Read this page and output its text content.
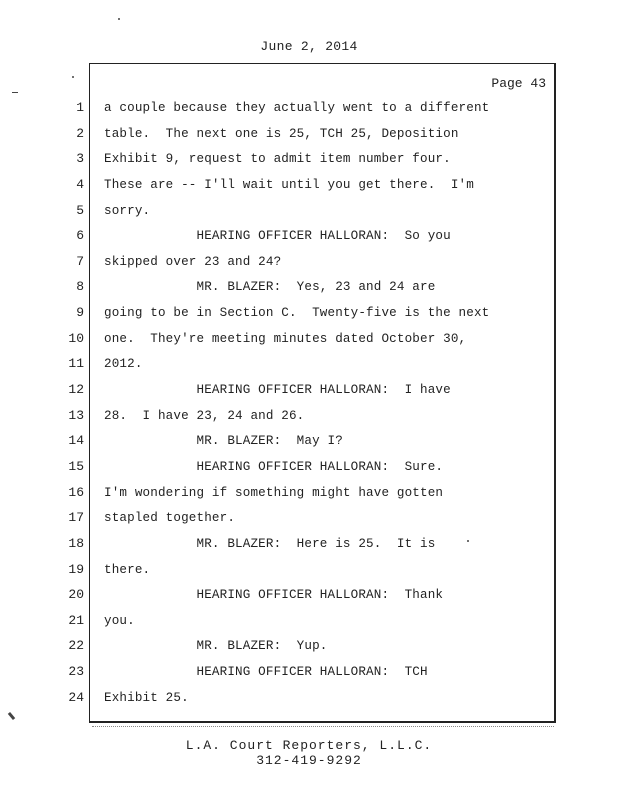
June 2, 2014
Page 43
1
2
3
4
5
6
7
8
9
10
11
12
13
14
15
16
17
18
19
20
21
22
23
24
a couple because they actually went to a different
table.  The next one is 25, TCH 25, Deposition
Exhibit 9, request to admit item number four.
These are -- I'll wait until you get there.  I'm
sorry.
HEARING OFFICER HALLORAN:  So you
skipped over 23 and 24?
MR. BLAZER:  Yes, 23 and 24 are
going to be in Section C.  Twenty-five is the next
one.  They're meeting minutes dated October 30,
2012.
HEARING OFFICER HALLORAN:  I have
28.  I have 23, 24 and 26.
MR. BLAZER:  May I?
HEARING OFFICER HALLORAN:  Sure.
I'm wondering if something might have gotten
stapled together.
MR. BLAZER:  Here is 25.  It is
there.
HEARING OFFICER HALLORAN:  Thank
you.
MR. BLAZER:  Yup.
HEARING OFFICER HALLORAN:  TCH
Exhibit 25.
L.A. Court Reporters, L.L.C.
312-419-9292
